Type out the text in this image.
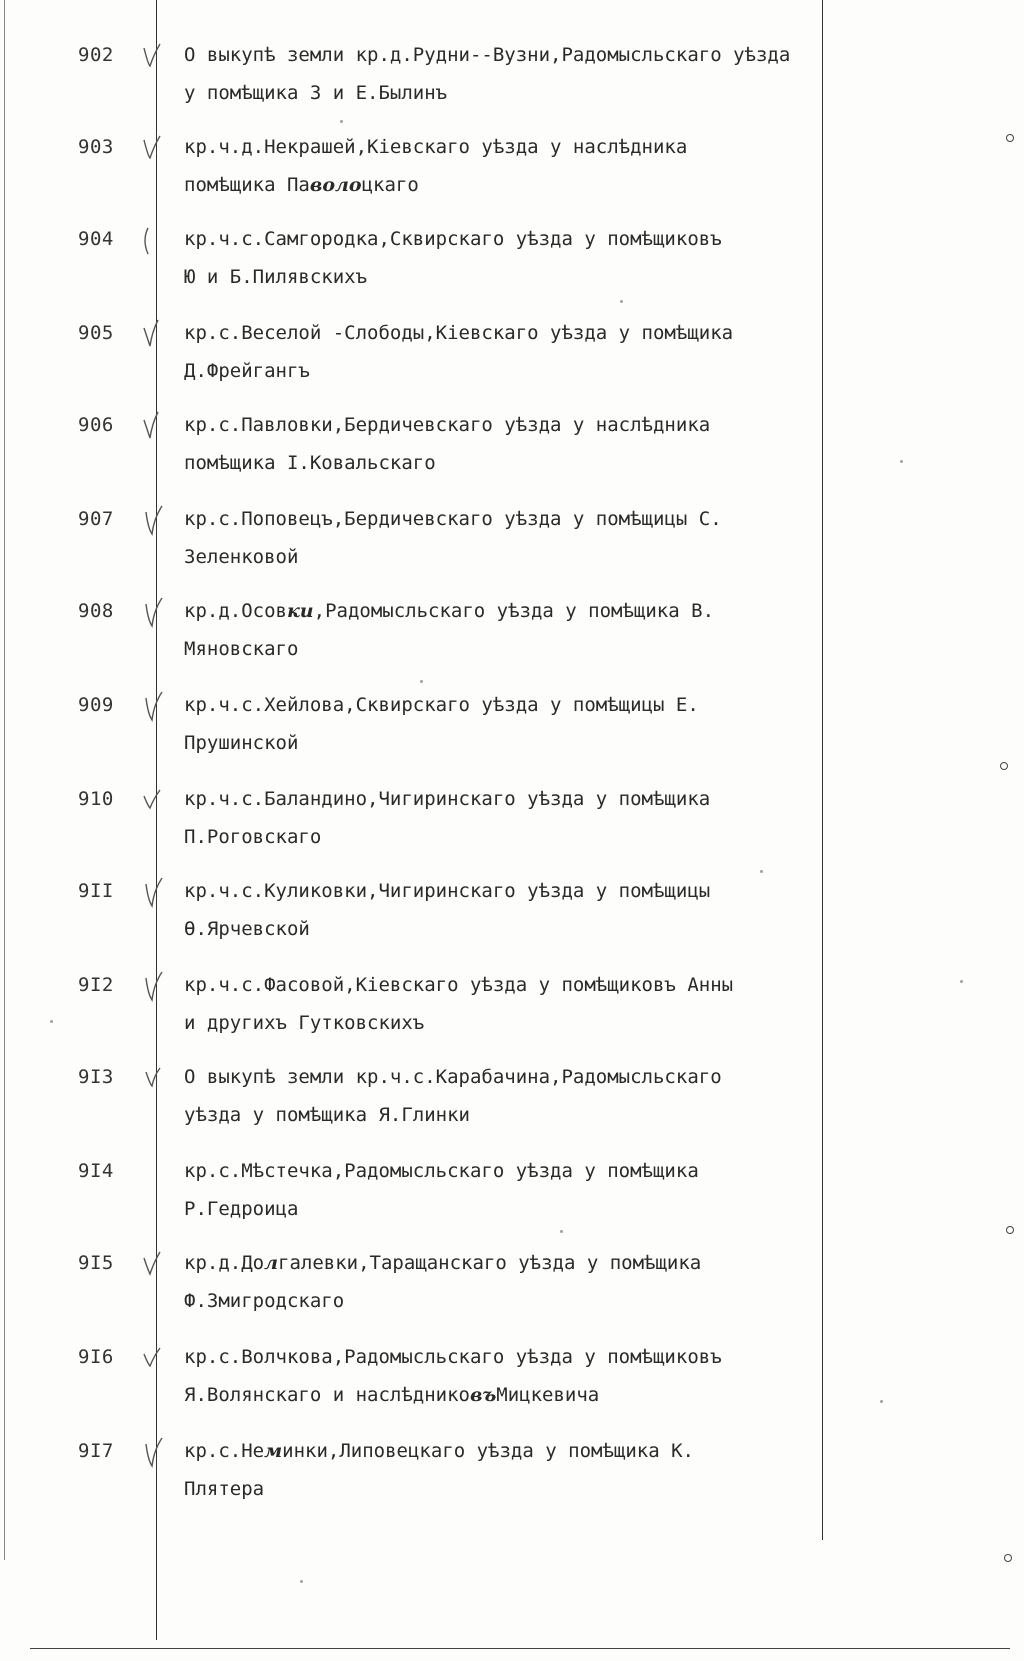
902	О выкупѣ земли кр.д.Рудни--Вузни,Радомысльскаго уѣзда
у помѣщика З и Е.Былинъ
903	кр.ч.д.Некрашей,Кіевскаго уѣзда у наслѣдника
помѣщика Паволоцкаго
904	кр.ч.с.Самгородка,Сквирскаго уѣзда у помѣщиковъ
Ю и Б.Пилявскихъ
905	кр.с.Веселой -Слободы,Кіевскаго уѣзда у помѣщика
Д.Фрейгангъ
906	кр.с.Павловки,Бердичевскаго уѣзда у наслѣдника
помѣщика I.Ковальскаго
907	кр.с.Поповецъ,Бердичевскаго уѣзда у помѣщицы С.
Зеленковой
908	кр.д.Осовки,Радомысльскаго уѣзда у помѣщика В.
Мяновскаго
909	кр.ч.с.Хейлова,Сквирскаго уѣзда у помѣщицы Е.
Прушинской
910	кр.ч.с.Баландино,Чигиринскаго уѣзда у помѣщика
П.Роговскаго
9II	кр.ч.с.Куликовки,Чигиринскаго уѣзда у помѣщицы
Ѳ.Ярчевской
9I2	кр.ч.с.Фасовой,Кіевскаго уѣзда у помѣщиковъ Анны
и другихъ Гутковскихъ
9I3	О выкупѣ земли кр.ч.с.Карабачина,Радомысльскаго
уѣзда у помѣщика Я.Глинки
9I4	кр.с.Мѣстечка,Радомысльскаго уѣзда у помѣщика
Р.Гедроица
9I5	кр.д.Долгалевки,Таращанскаго уѣзда у помѣщика
Ф.Змигродскаго
9I6	кр.с.Волчкова,Радомысльскаго уѣзда у помѣщиковъ
Я.Волянскаго и наслѣдниковъМицкевича
9I7	кр.с.Неминки,Липовецкаго уѣзда у помѣщика К.
Плятера
